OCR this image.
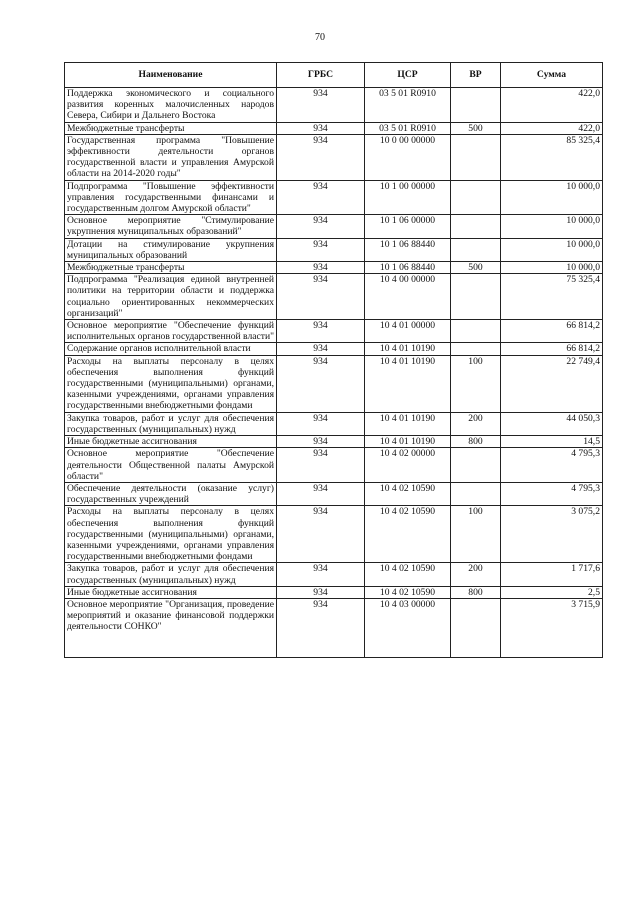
70
Наименование	ГРБС	ЦСР	ВР	Сумма
Поддержка экономического и социального развития коренных малочисленных народов Севера, Сибири и Дальнего Востока	934	03 5 01 R0910		422,0
Межбюджетные трансферты	934	03 5 01 R0910	500	422,0
Государственная программа "Повышение эффективности деятельности органов государственной власти и управления Амурской области на 2014-2020 годы"	934	10 0 00 00000		85 325,4
Подпрограмма "Повышение эффективности управления государственными финансами и государственным долгом Амурской области"	934	10 1 00 00000		10 000,0
Основное мероприятие "Стимулирование укрупнения муниципальных образований"	934	10 1 06 00000		10 000,0
Дотации на стимулирование укрупнения муниципальных образований	934	10 1 06 88440		10 000,0
Межбюджетные трансферты	934	10 1 06 88440	500	10 000,0
Подпрограмма "Реализация единой внутренней политики на территории области и поддержка социально ориентированных некоммерческих организаций"	934	10 4 00 00000		75 325,4
Основное мероприятие "Обеспечение функций исполнительных органов государственной власти"	934	10 4 01 00000		66 814,2
Содержание органов исполнительной власти	934	10 4 01 10190		66 814,2
Расходы на выплаты персоналу в целях обеспечения выполнения функций государственными (муниципальными) органами, казенными учреждениями, органами управления государственными внебюджетными фондами	934	10 4 01 10190	100	22 749,4
Закупка товаров, работ и услуг для обеспечения государственных (муниципальных) нужд	934	10 4 01 10190	200	44 050,3
Иные бюджетные ассигнования	934	10 4 01 10190	800	14,5
Основное мероприятие "Обеспечение деятельности Общественной палаты Амурской области"	934	10 4 02 00000		4 795,3
Обеспечение деятельности (оказание услуг) государственных учреждений	934	10 4 02 10590		4 795,3
Расходы на выплаты персоналу в целях обеспечения выполнения функций государственными (муниципальными) органами, казенными учреждениями, органами управления государственными внебюджетными фондами	934	10 4 02 10590	100	3 075,2
Закупка товаров, работ и услуг для обеспечения государственных (муниципальных) нужд	934	10 4 02 10590	200	1 717,6
Иные бюджетные ассигнования	934	10 4 02 10590	800	2,5
Основное мероприятие "Организация, проведение мероприятий и оказание финансовой поддержки деятельности СОНКО"	934	10 4 03 00000		3 715,9
